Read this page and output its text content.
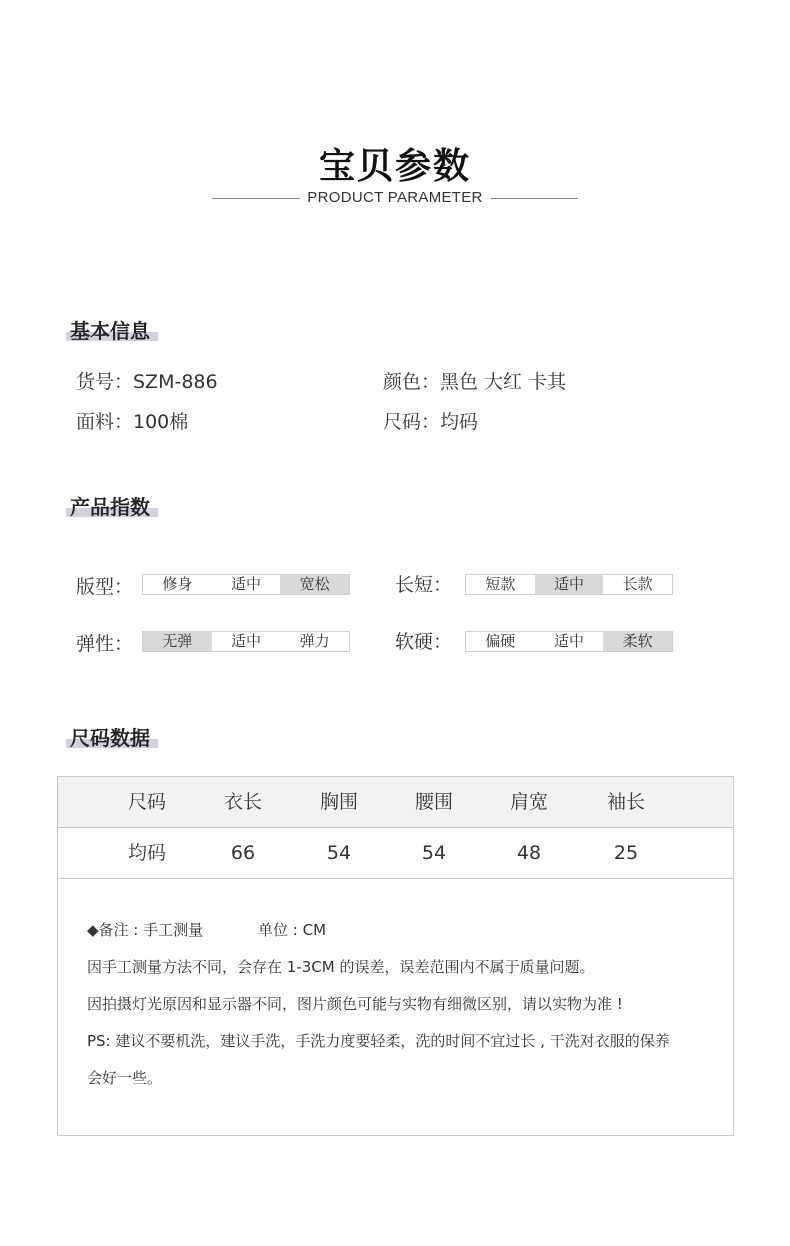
宝贝参数
PRODUCT PARAMETER
基本信息
货号：SZM-886	颜色：黑色 大红 卡其
面料：100棉	尺码：均码
产品指数
版型：	修身	适中	宽松	长短：	短款	适中	长款
弹性：	无弹	适中	弹力	软硬：	偏硬	适中	柔软
尺码数据
尺码	衣长	胸围	腰围	肩宽	袖长
均码	66	54	54	48	25
◆备注 : 手工测量	单位 : CM
因手工测量方法不同，会存在 1-3CM 的误差，误差范围内不属于质量问题。
因拍摄灯光原因和显示器不同，图片颜色可能与实物有细微区别，请以实物为准 !
PS: 建议不要机洗，建议手洗，手洗力度要轻柔，洗的时间不宜过长 , 干洗对衣服的保养
会好一些。
